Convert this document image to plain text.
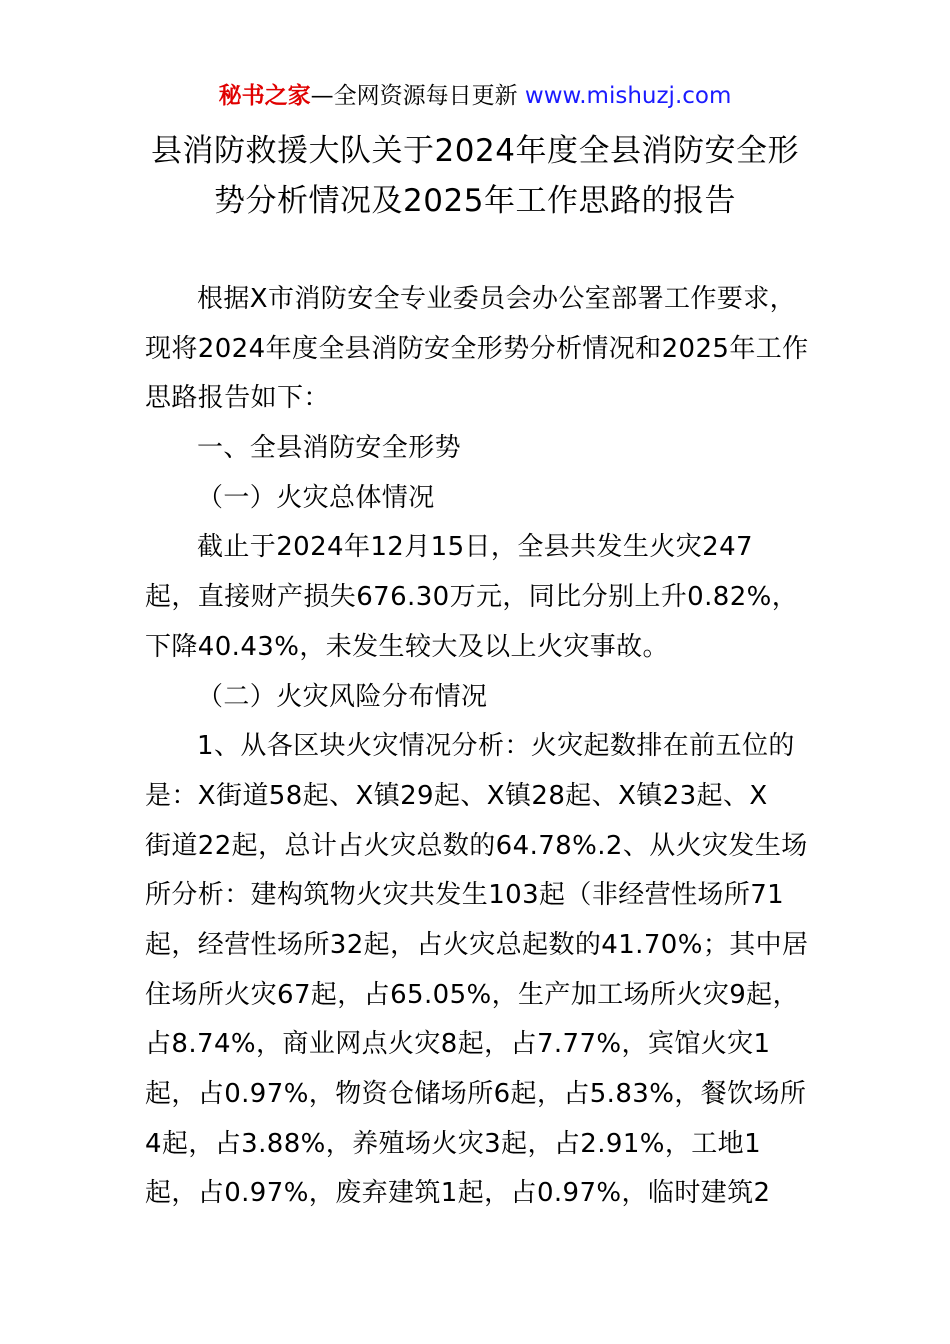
秘书之家—全网资源每日更新 www.mishuzj.com
县消防救援大队关于2024年度全县消防安全形
势分析情况及2025年工作思路的报告
根据X市消防安全专业委员会办公室部署工作要求，
现将2024年度全县消防安全形势分析情况和2025年工作
思路报告如下：
一、全县消防安全形势
（一）火灾总体情况
截止于2024年12月15日，全县共发生火灾247
起，直接财产损失676.30万元，同比分别上升0.82%，
下降40.43%，未发生较大及以上火灾事故。
（二）火灾风险分布情况
1、从各区块火灾情况分析：火灾起数排在前五位的
是：X街道58起、X镇29起、X镇28起、X镇23起、X
街道22起，总计占火灾总数的64.78%.2、从火灾发生场
所分析：建构筑物火灾共发生103起（非经营性场所71
起，经营性场所32起，占火灾总起数的41.70%；其中居
住场所火灾67起，占65.05%，生产加工场所火灾9起，
占8.74%，商业网点火灾8起，占7.77%，宾馆火灾1
起，占0.97%，物资仓储场所6起，占5.83%，餐饮场所
4起，占3.88%，养殖场火灾3起，占2.91%，工地1
起，占0.97%，废弃建筑1起，占0.97%，临时建筑2
